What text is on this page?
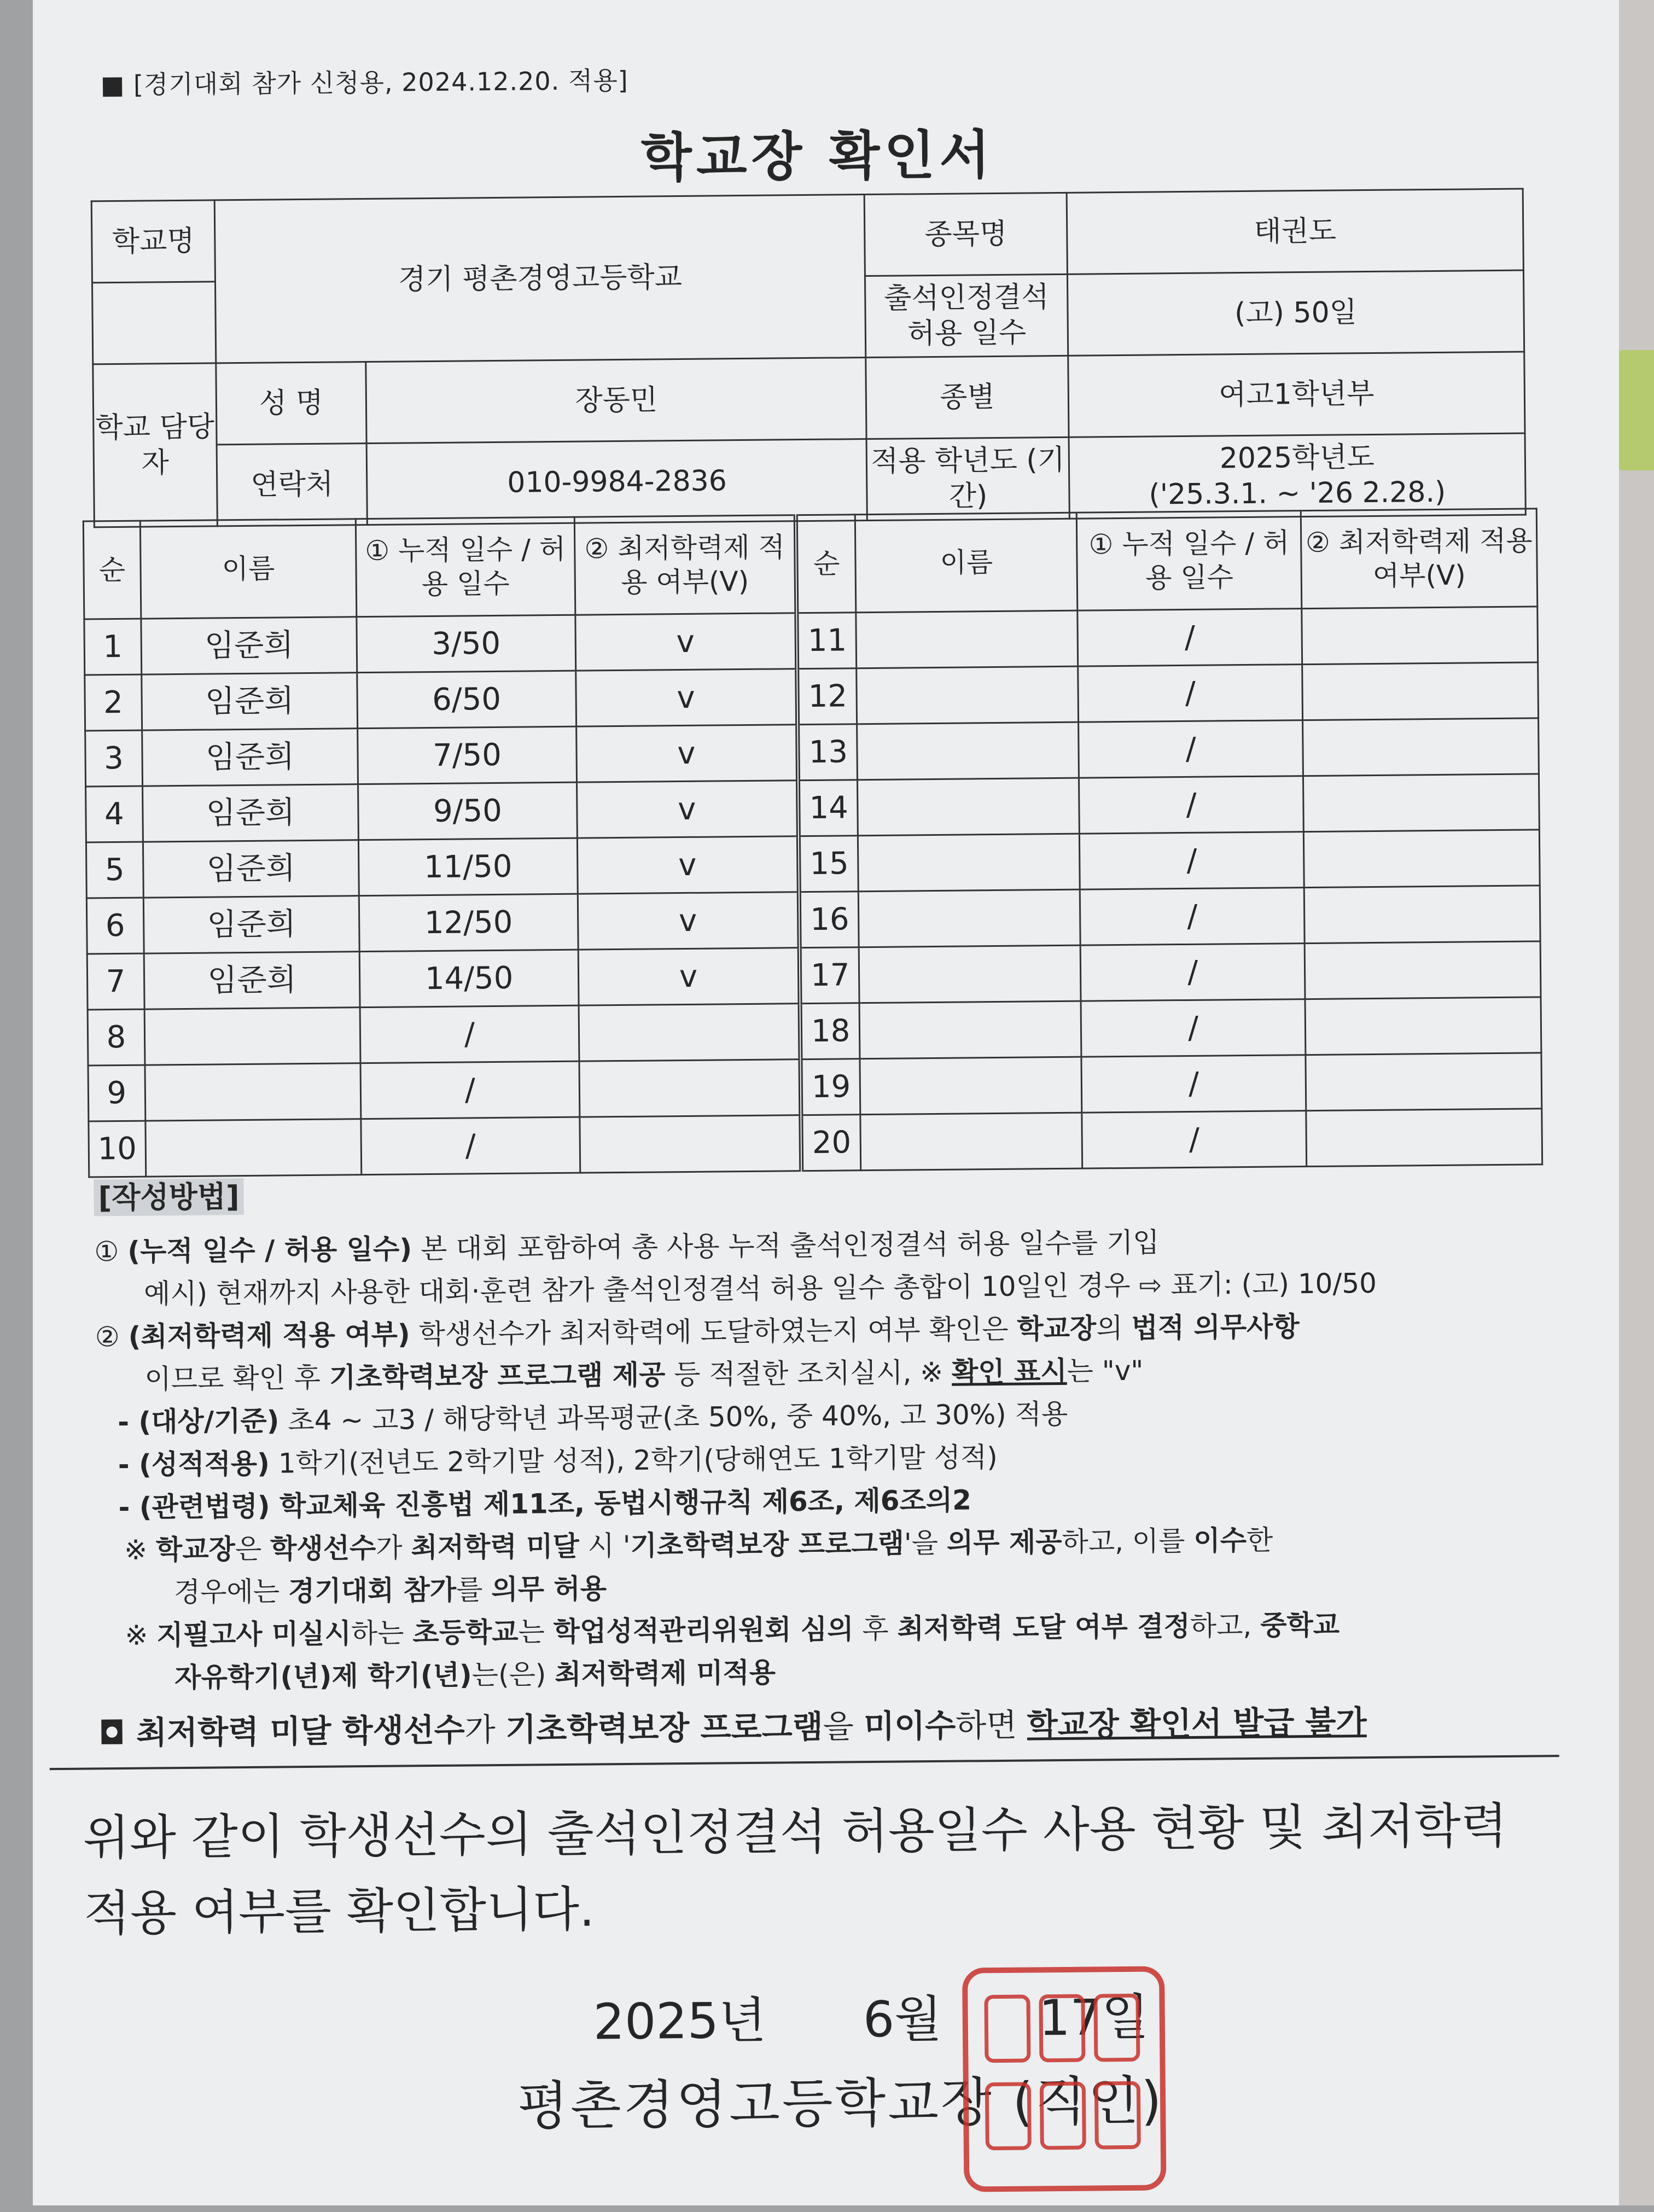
■ [경기대회 참가 신청용, 2024.12.20. 적용]
학교장 확인서
학교명	경기 평촌경영고등학교		종목명	태권도
			출석인정결석 허용 일수	(고) 50일
학교 담당자	성 명	장동민	종별	여고1학년부
	연락처	010-9984-2836	적용 학년도 (기간)	2025학년도
('25.3.1. ~ '26 2.28.)
순	이름	① 누적 일수 / 허용 일수	② 최저학력제 적용 여부(V)	순	이름	① 누적 일수 / 허용 일수	② 최저학력제 적용 여부(V)
1	임준희	3/50	v	11		/	
2	임준희	6/50	v	12		/	
3	임준희	7/50	v	13		/	
4	임준희	9/50	v	14		/	
5	임준희	11/50	v	15		/	
6	임준희	12/50	v	16		/	
7	임준희	14/50	v	17		/	
8		/		18		/	
9		/		19		/	
10		/		20		/	

[작성방법]

① (누적 일수 / 허용 일수) 본 대회 포함하여 총 사용 누적 출석인정결석 허용 일수를 기입

예시) 현재까지 사용한 대회·훈련 참가 출석인정결석 허용 일수 총합이 10일인 경우 ⇨ 표기: (고) 10/50

② (최저학력제 적용 여부) 학생선수가 최저학력에 도달하였는지 여부 확인은 학교장의 법적 의무사항

이므로 확인 후 기초학력보장 프로그램 제공 등 적절한 조치실시, ※ 확인 표시는 "v"

- (대상/기준) 초4 ~ 고3 / 해당학년 과목평균(초 50%, 중 40%, 고 30%) 적용

- (성적적용) 1학기(전년도 2학기말 성적), 2학기(당해연도 1학기말 성적)

- (관련법령) 학교체육 진흥법 제11조, 동법시행규칙 제6조, 제6조의2

※ 학교장은 학생선수가 최저학력 미달 시 '기초학력보장 프로그램'을 의무 제공하고, 이를 이수한

경우에는 경기대회 참가를 의무 허용

※ 지필고사 미실시하는 초등학교는 학업성적관리위원회 심의 후 최저학력 도달 여부 결정하고, 중학교

자유학기(년)제 학기(년)는(은) 최저학력제 미적용

◘ 최저학력 미달 학생선수가 기초학력보장 프로그램을 미이수하면 학교장 확인서 발급 불가

위와 같이 학생선수의 출석인정결석 허용일수 사용 현황 및 최저학력
적용 여부를 확인합니다.
2025년 6월 17일
평촌경영고등학교장 (직인)
